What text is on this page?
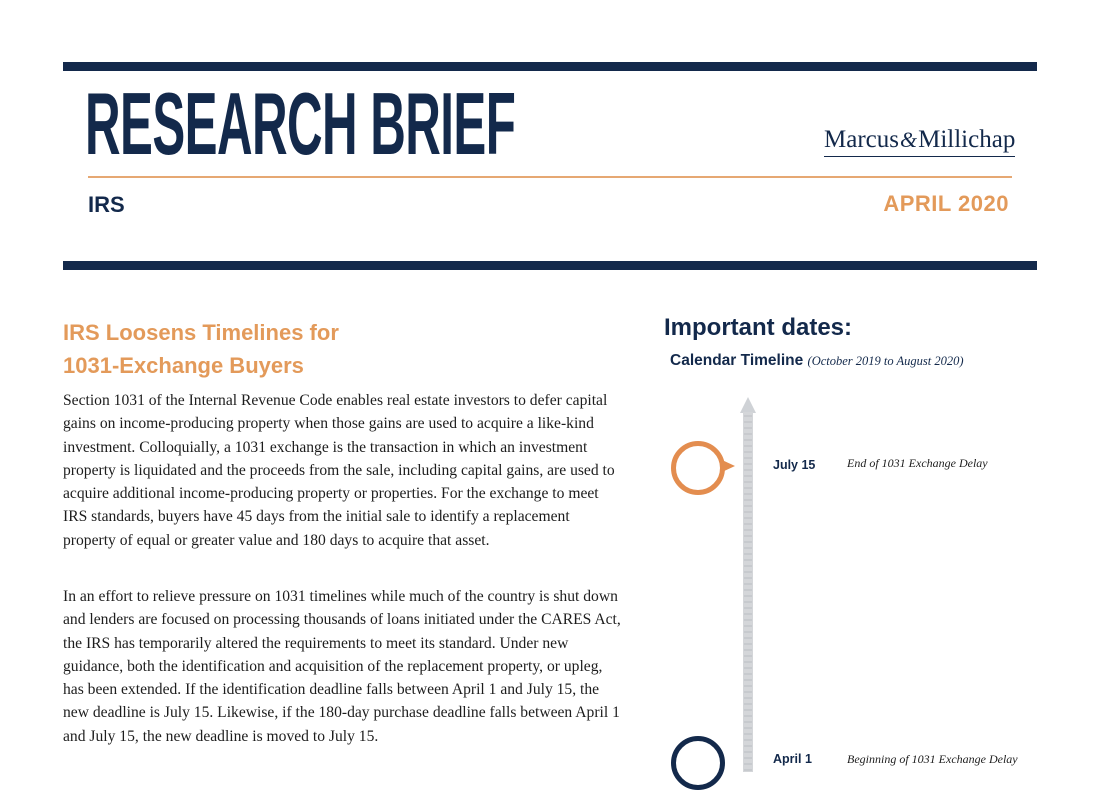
RESEARCH BRIEF	Marcus&Millichap
IRS	APRIL 2020
IRS Loosens Timelines for
1031-Exchange Buyers

Section 1031 of the Internal Revenue Code enables real estate investors to defer capital gains on income-producing property when those gains are used to acquire a like-kind investment. Colloquially, a 1031 exchange is the transaction in which an investment property is liquidated and the proceeds from the sale, including capital gains, are used to acquire additional income-producing property or properties. For the exchange to meet IRS standards, buyers have 45 days from the initial sale to identify a replacement property of equal or greater value and 180 days to acquire that asset.

In an effort to relieve pressure on 1031 timelines while much of the country is shut down and lenders are focused on processing thousands of loans initiated under the CARES Act, the IRS has temporarily altered the requirements to meet its standard. Under new guidance, both the identification and acquisition of the replacement property, or upleg, has been extended. If the identification deadline falls between April 1 and July 15, the new deadline is July 15. Likewise, if the 180-day purchase deadline falls between April 1 and July 15, the new deadline is moved to July 15.

Important dates:
Calendar Timeline (October 2019 to August 2020)
July 15	End of 1031 Exchange Delay
April 1	Beginning of 1031 Exchange Delay
